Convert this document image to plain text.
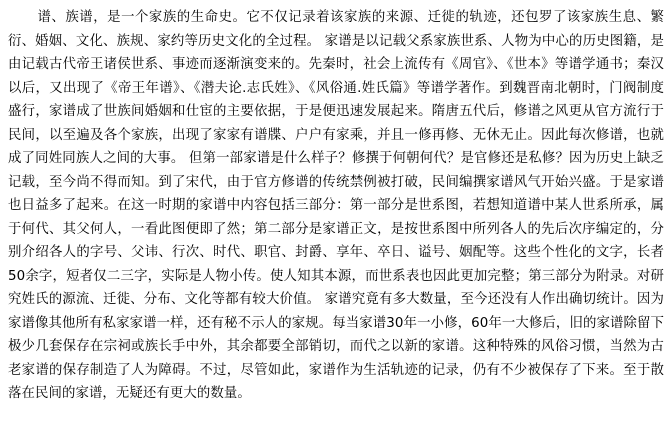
谱、族谱，是一个家族的生命史。它不仅记录着该家族的来源、迁徙的轨迹，还包罗了该家族生息、繁衍、婚姻、文化、族规、家约等历史文化的全过程。 家谱是以记载父系家族世系、人物为中心的历史图籍，是由记载古代帝王诸侯世系、事迹而逐渐演变来的。先秦时，社会上流传有《周官》、《世本》等谱学通书；秦汉以后，又出现了《帝王年谱》、《潜夫论.志氏姓》、《风俗通.姓氏篇》等谱学著作。到魏晋南北朝时，门阀制度盛行，家谱成了世族间婚姻和仕宦的主要依据，于是便迅速发展起来。隋唐五代后，修谱之风更从官方流行于民间，以至遍及各个家族，出现了家家有谱牒、户户有家乘，并且一修再修、无休无止。因此每次修谱，也就成了同姓同族人之间的大事。 但第一部家谱是什么样子？修撰于何朝何代？是官修还是私修？因为历史上缺乏记载，至今尚不得而知。到了宋代，由于官方修谱的传统禁例被打破，民间编撰家谱风气开始兴盛。于是家谱也日益多了起来。在这一时期的家谱中内容包括三部分：第一部分是世系图，若想知道谱中某人世系所承，属于何代、其父何人，一看此图便即了然；第二部分是家谱正文，是按世系图中所列各人的先后次序编定的，分别介绍各人的字号、父讳、行次、时代、职官、封爵、享年、卒日、谥号、姻配等。这些个性化的文字，长者50余字，短者仅二三字，实际是人物小传。使人知其本源，而世系表也因此更加完整；第三部分为附录。对研究姓氏的源流、迁徙、分布、文化等都有较大价值。 家谱究竟有多大数量，至今还没有人作出确切统计。因为家谱像其他所有私家家谱一样，还有秘不示人的家规。每当家谱30年一小修，60年一大修后，旧的家谱除留下极少几套保存在宗祠或族长手中外，其余都要全部销切，而代之以新的家谱。这种特殊的风俗习惯，当然为古老家谱的保存制造了人为障碍。不过，尽管如此，家谱作为生活轨迹的记录，仍有不少被保存了下来。至于散落在民间的家谱，无疑还有更大的数量。
